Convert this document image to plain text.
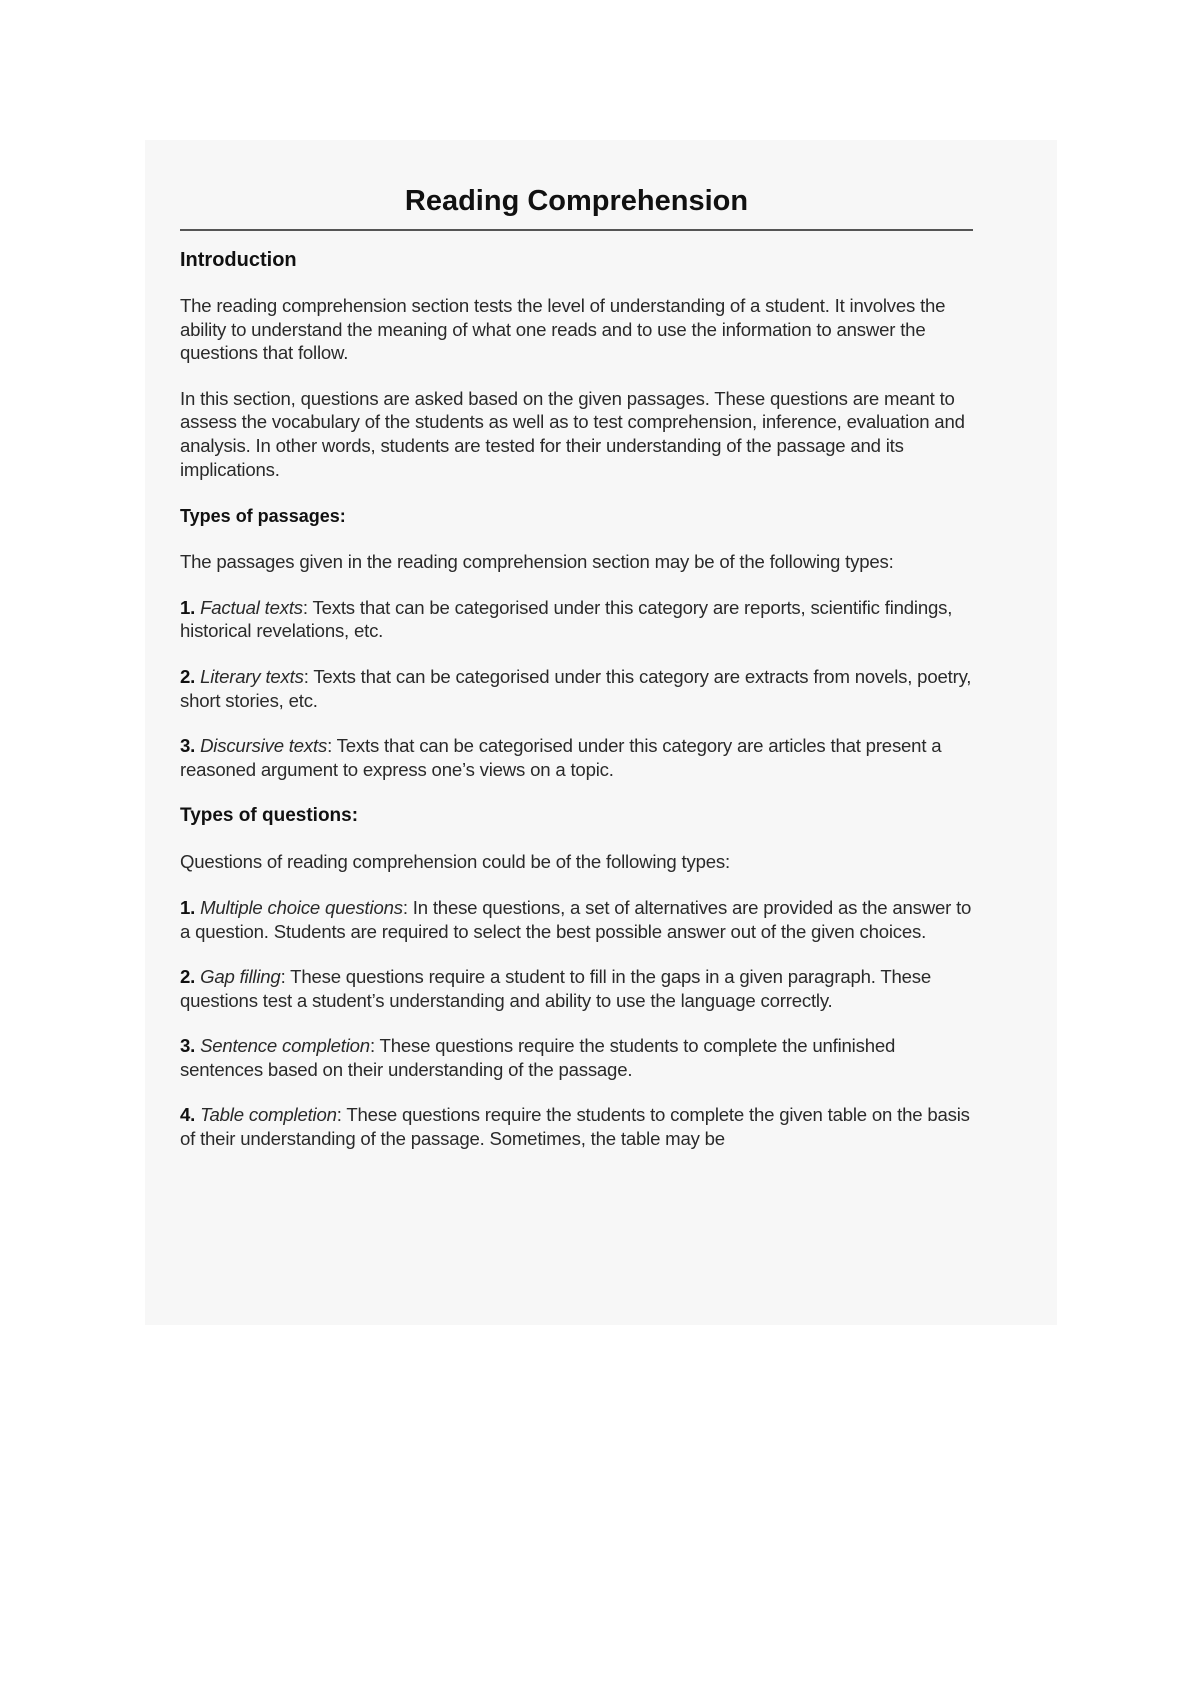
Reading Comprehension
Introduction

The reading comprehension section tests the level of understanding of a student. It involves the ability to understand the meaning of what one reads and to use the information to answer the questions that follow.

In this section, questions are asked based on the given passages. These questions are meant to assess the vocabulary of the students as well as to test comprehension, inference, evaluation and analysis. In other words, students are tested for their understanding of the passage and its implications.

Types of passages:

The passages given in the reading comprehension section may be of the following types:

1. Factual texts: Texts that can be categorised under this category are reports, scientific findings, historical revelations, etc.

2. Literary texts: Texts that can be categorised under this category are extracts from novels, poetry, short stories, etc.

3. Discursive texts: Texts that can be categorised under this category are articles that present a reasoned argument to express one’s views on a topic.

Types of questions:

Questions of reading comprehension could be of the following types:

1. Multiple choice questions: In these questions, a set of alternatives are provided as the answer to a question. Students are required to select the best possible answer out of the given choices.

2. Gap filling: These questions require a student to fill in the gaps in a given paragraph. These questions test a student’s understanding and ability to use the language correctly.

3. Sentence completion: These questions require the students to complete the unfinished sentences based on their understanding of the passage.

4. Table completion: These questions require the students to complete the given table on the basis of their understanding of the passage. Sometimes, the table may be
